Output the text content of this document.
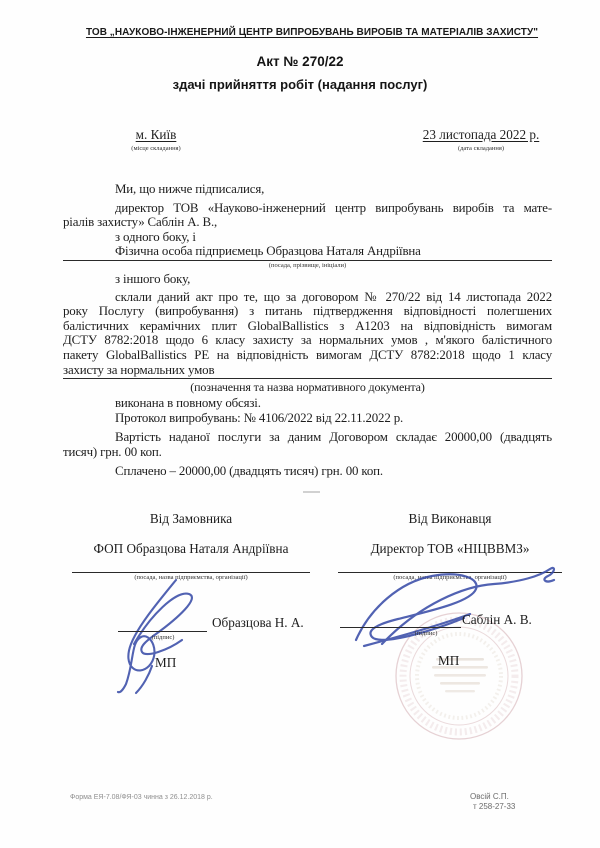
ТОВ „НАУКОВО-ІНЖЕНЕРНИЙ ЦЕНТР ВИПРОБУВАНЬ ВИРОБІВ ТА МАТЕРІАЛІВ ЗАХИСТУ"
Акт № 270/22
здачі прийняття робіт (надання послуг)
м. Київ
(місце складання)
23 листопада 2022 р.
(дата складання)
Ми, що нижче підписалися,
директор ТОВ «Науково-інженерний центр випробувань виробів та мате-
ріалів захисту» Саблін А. В.,
з одного боку, і
Фізична особа підприємець Образцова Наталя Андріївна
(посада, прізвище, ініціали)
з іншого боку,
склали даний акт про те, що за договором № 270/22 від 14 листопада 2022
року Послугу (випробування) з питань підтвердження відповідності полегшених
балістичних керамічних плит GlobalBallistics з А1203 на відповідність вимогам
ДСТУ 8782:2018 щодо 6 класу захисту за нормальних умов , м'якого балістичного
пакету GlobalBallistics РЕ на відповідність вимогам ДСТУ 8782:2018 щодо 1 класу
захисту за нормальних умов
(позначення та назва нормативного документа)
виконана в повному обсязі.
Протокол випробувань: № 4106/2022 від 22.11.2022 р.
Вартість наданої послуги за даним Договором складає 20000,00 (двадцять
тисяч) грн. 00 коп.
Сплачено – 20000,00 (двадцять тисяч) грн. 00 коп.
Від Замовника
ФОП Образцова Наталя Андріївна
(посада, назва підприємства, організації)
Від Виконавця
Директор ТОВ «НІЦВВМЗ»
(посада, назва підприємства, організації)
(підпис)
Образцова Н. А.
МП
(підпис)
Саблін А. В.
МП
Форма ЕЯ-7.08/ФЯ-03 чинна з 26.12.2018 р.	Овсій С.П.
т 258-27-33
